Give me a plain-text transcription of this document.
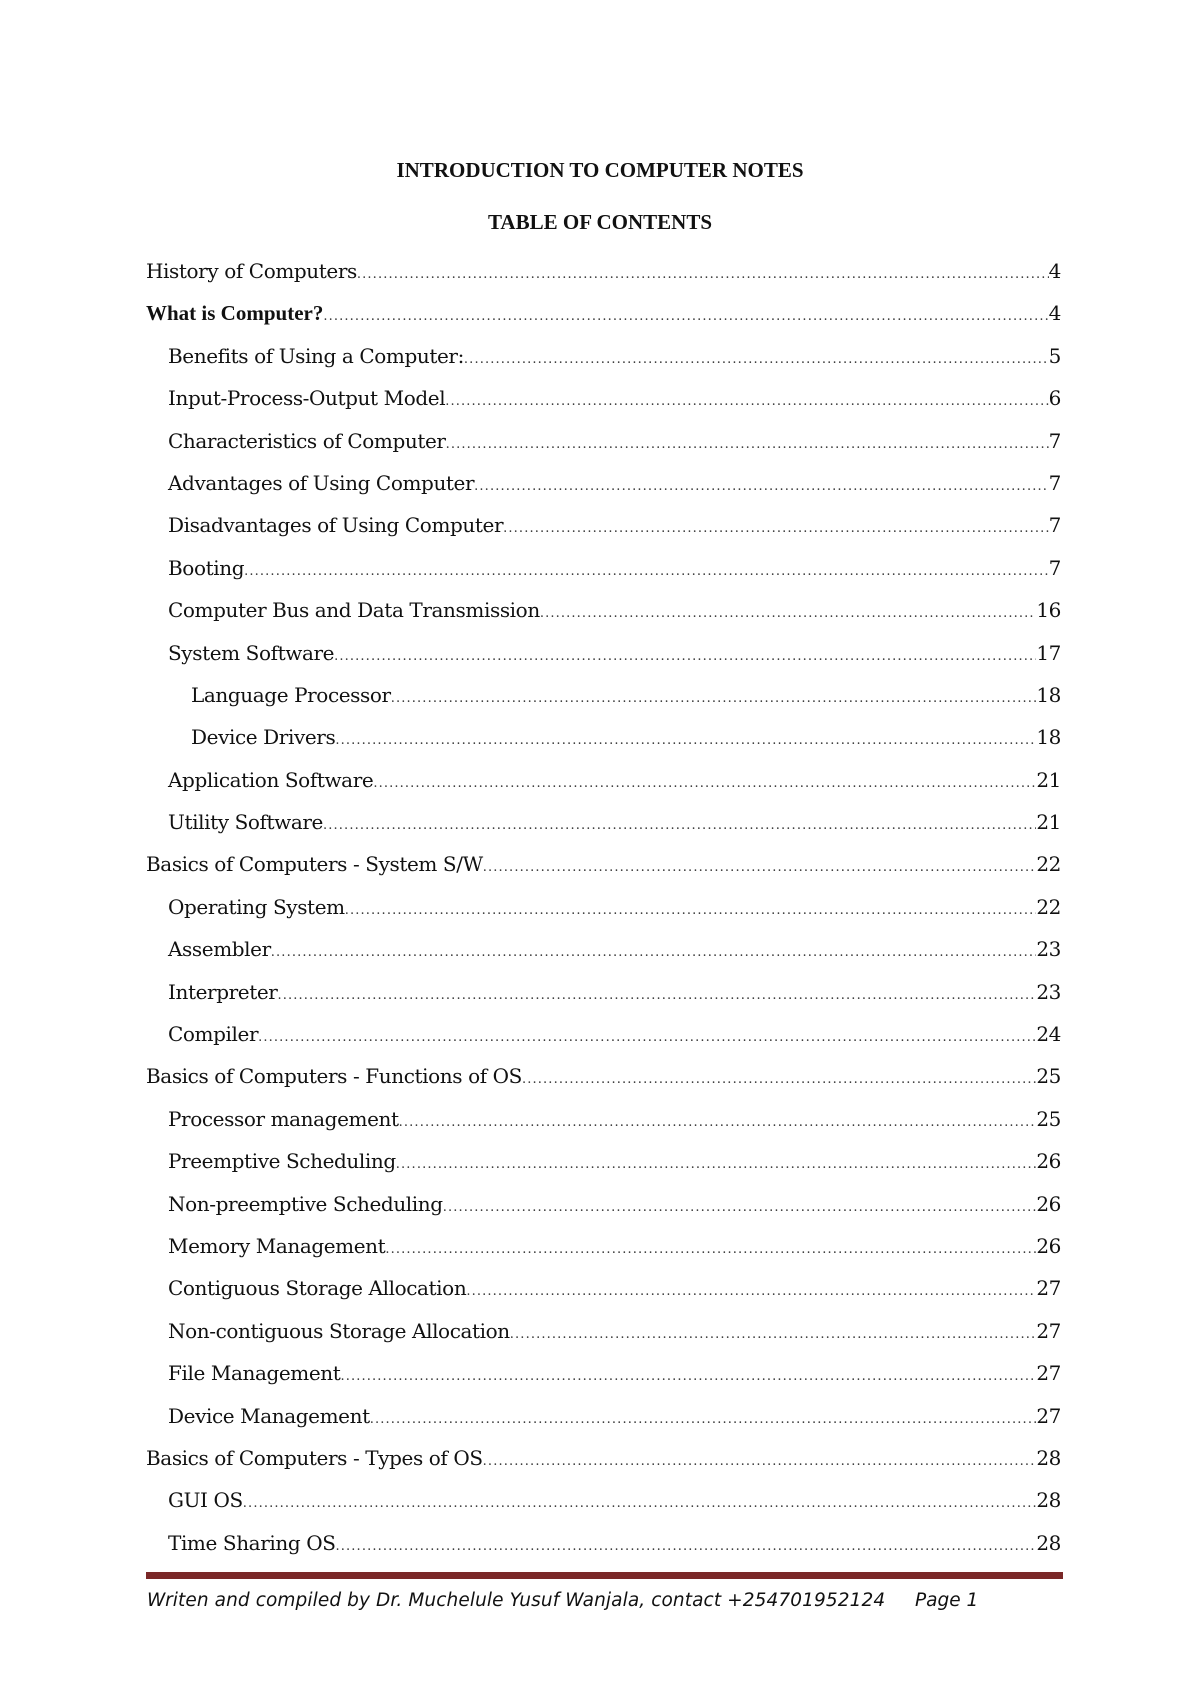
INTRODUCTION TO COMPUTER NOTES
TABLE OF CONTENTS
History of Computers . . .	4
What is Computer? . . .	4
Benefits of Using a Computer: . . .	5
Input-Process-Output Model . . .	6
Characteristics of Computer . . .	7
Advantages of Using Computer . . .	7
Disadvantages of Using Computer . . .	7
Booting . . .	7
Computer Bus and Data Transmission . . .	16
System Software . . .	17
Language Processor . . .	18
Device Drivers . . .	18
Application Software . . .	21
Utility Software . . .	21
Basics of Computers - System S/W . . .	22
Operating System . . .	22
Assembler . . .	23
Interpreter . . .	23
Compiler . . .	24
Basics of Computers - Functions of OS . . .	25
Processor management . . .	25
Preemptive Scheduling . . .	26
Non-preemptive Scheduling . . .	26
Memory Management . . .	26
Contiguous Storage Allocation . . .	27
Non-contiguous Storage Allocation . . .	27
File Management . . .	27
Device Management . . .	27
Basics of Computers - Types of OS . . .	28
GUI OS . . .	28
Time Sharing OS . . .	28
Writen and compiled by Dr. Muchelule Yusuf Wanjala, contact +254701952124 Page 1
